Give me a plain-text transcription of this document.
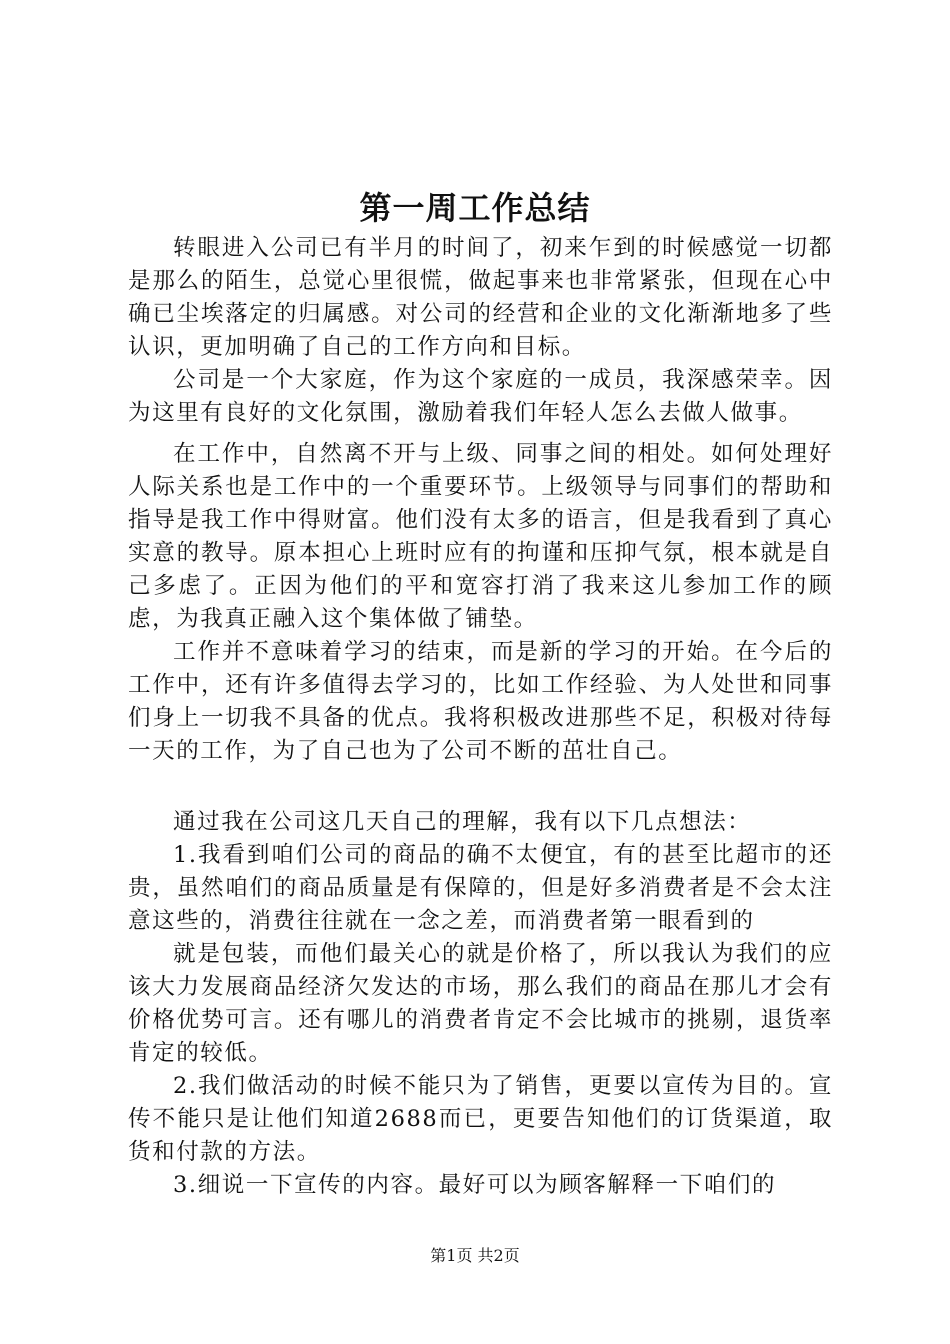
第一周工作总结

转眼进入公司已有半月的时间了，初来乍到的时候感觉一切都是那么的陌生，总觉心里很慌，做起事来也非常紧张，但现在心中确已尘埃落定的归属感。对公司的经营和企业的文化渐渐地多了些认识，更加明确了自己的工作方向和目标。

公司是一个大家庭，作为这个家庭的一成员，我深感荣幸。因为这里有良好的文化氛围，激励着我们年轻人怎么去做人做事。

在工作中，自然离不开与上级、同事之间的相处。如何处理好人际关系也是工作中的一个重要环节。上级领导与同事们的帮助和指导是我工作中得财富。他们没有太多的语言，但是我看到了真心实意的教导。原本担心上班时应有的拘谨和压抑气氛，根本就是自己多虑了。正因为他们的平和宽容打消了我来这儿参加工作的顾虑，为我真正融入这个集体做了铺垫。

工作并不意味着学习的结束，而是新的学习的开始。在今后的工作中，还有许多值得去学习的，比如工作经验、为人处世和同事们身上一切我不具备的优点。我将积极改进那些不足，积极对待每一天的工作，为了自己也为了公司不断的茁壮自己。

通过我在公司这几天自己的理解，我有以下几点想法：

1.我看到咱们公司的商品的确不太便宜，有的甚至比超市的还贵，虽然咱们的商品质量是有保障的，但是好多消费者是不会太注意这些的，消费往往就在一念之差，而消费者第一眼看到的

就是包装，而他们最关心的就是价格了，所以我认为我们的应该大力发展商品经济欠发达的市场，那么我们的商品在那儿才会有价格优势可言。还有哪儿的消费者肯定不会比城市的挑剔，退货率肯定的较低。

2.我们做活动的时候不能只为了销售，更要以宣传为目的。宣传不能只是让他们知道2688而已，更要告知他们的订货渠道，取货和付款的方法。

3.细说一下宣传的内容。最好可以为顾客解释一下咱们的

第1页 共2页
